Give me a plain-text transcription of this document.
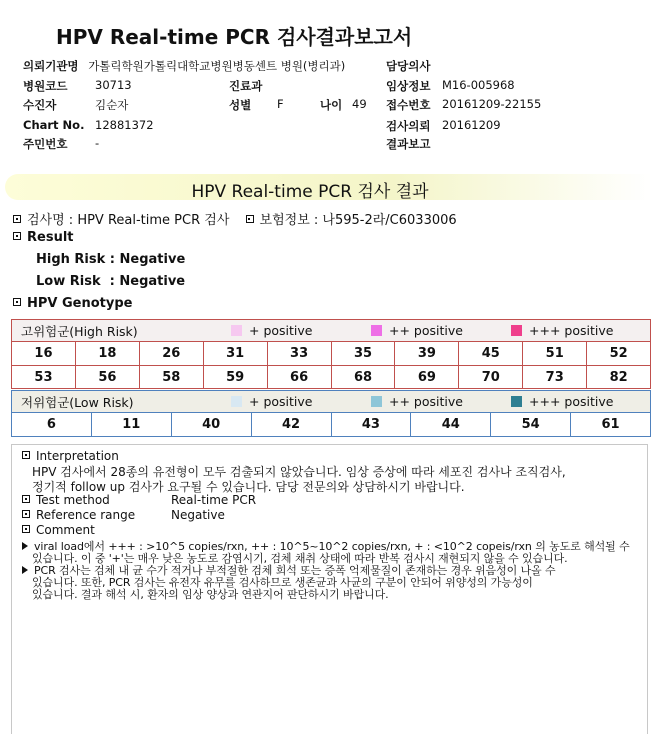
HPV Real-time PCR 검사결과보고서
의뢰기관명 가톨릭학원가톨릭대학교병원병동센트 병원(병리과)	담당의사
병원코드 30713	진료과	임상정보 M16-005968
수진자	김순자	성별 F	나이 49 접수번호 20161209-22155
Chart No. 12881372	검사의뢰 20161209
주민번호 -	결과보고
HPV Real-time PCR 검사 결과
검사명 : HPV Real-time PCR 검사 보험정보 : 나595-2라/C6033006
Result
High Risk : Negative
Low Risk  : Negative
HPV Genotype
고위험군(High Risk)	+ positive	++ positive	+++ positive
16	18	26	31	33	35	39	45	51	52
53	56	58	59	66	68	69	70	73	82
저위험군(Low Risk)	+ positive	++ positive	+++ positive
6	11	40	42	43	44	54	61
Interpretation
HPV 검사에서 28종의 유전형이 모두 검출되지 않았습니다. 임상 증상에 따라 세포진 검사나 조직검사,
정기적 follow up 검사가 요구될 수 있습니다. 담당 전문의와 상담하시기 바랍니다.
Test method	Real-time PCR
Reference range	Negative
Comment
viral load에서 +++ : >10^5 copies/rxn, ++ : 10^5~10^2 copies/rxn, + : <10^2 copeis/rxn 의 농도로 해석될 수
있습니다. 이 중 '+'는 매우 낮은 농도로 감염시기, 검체 채취 상태에 따라 반복 검사시 재현되지 않을 수 있습니다.
PCR 검사는 검체 내 균 수가 적거나 부적절한 검체 희석 또는 증폭 억제물질이 존재하는 경우 위음성이 나올 수
있습니다. 또한, PCR 검사는 유전자 유무를 검사하므로 생존균과 사균의 구분이 안되어 위양성의 가능성이
있습니다. 결과 해석 시, 환자의 임상 양상과 연관지어 판단하시기 바랍니다.
